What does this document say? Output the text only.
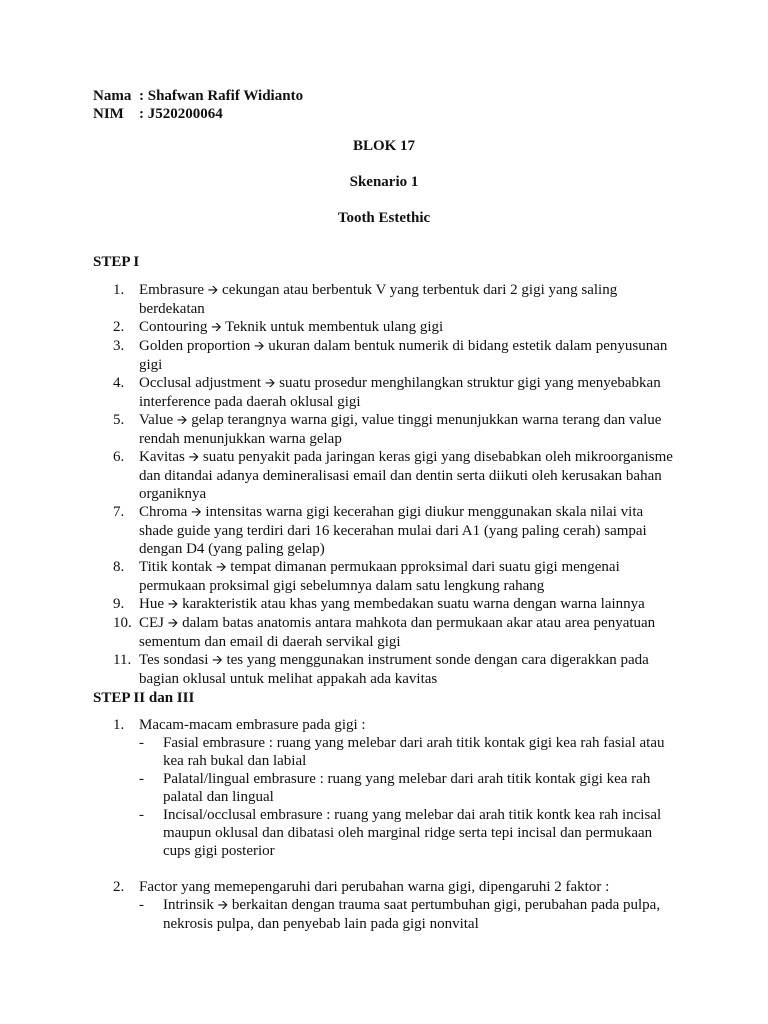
Nama : Shafwan Rafif Widianto
NIM : J520200064
BLOK 17
Skenario 1
Tooth Estethic
STEP I
1. Embrasure 🡪 cekungan atau berbentuk V yang terbentuk dari 2 gigi yang saling berdekatan
2. Contouring 🡪 Teknik untuk membentuk ulang gigi
3. Golden proportion 🡪 ukuran dalam bentuk numerik di bidang estetik dalam penyusunan gigi
4. Occlusal adjustment 🡪 suatu prosedur menghilangkan struktur gigi yang menyebabkan interference pada daerah oklusal gigi
5. Value 🡪 gelap terangnya warna gigi, value tinggi menunjukkan warna terang dan value rendah menunjukkan warna gelap
6. Kavitas 🡪 suatu penyakit pada jaringan keras gigi yang disebabkan oleh mikroorganisme dan ditandai adanya demineralisasi email dan dentin serta diikuti oleh kerusakan bahan organiknya
7. Chroma 🡪 intensitas warna gigi kecerahan gigi diukur menggunakan skala nilai vita shade guide yang terdiri dari 16 kecerahan mulai dari A1 (yang paling cerah) sampai dengan D4 (yang paling gelap)
8. Titik kontak 🡪 tempat dimanan permukaan pproksimal dari suatu gigi mengenai permukaan proksimal gigi sebelumnya dalam satu lengkung rahang
9. Hue 🡪 karakteristik atau khas yang membedakan suatu warna dengan warna lainnya
10. CEJ 🡪 dalam batas anatomis antara mahkota dan permukaan akar atau area penyatuan sementum dan email di daerah servikal gigi
11. Tes sondasi 🡪 tes yang menggunakan instrument sonde dengan cara digerakkan pada bagian oklusal untuk melihat appakah ada kavitas
STEP II dan III
1. Macam-macam embrasure pada gigi :
-	Fasial embrasure : ruang yang melebar dari arah titik kontak gigi kea rah fasial atau kea rah bukal dan labial
-	Palatal/lingual embrasure : ruang yang melebar dari arah titik kontak gigi kea rah palatal dan lingual
-	Incisal/occlusal embrasure : ruang yang melebar dai arah titik kontk kea rah incisal maupun oklusal dan dibatasi oleh marginal ridge serta tepi incisal dan permukaan cups gigi posterior
2. Factor yang memepengaruhi dari perubahan warna gigi, dipengaruhi 2 faktor :
-	Intrinsik 🡪 berkaitan dengan trauma saat pertumbuhan gigi, perubahan pada pulpa, nekrosis pulpa, dan penyebab lain pada gigi nonvital
